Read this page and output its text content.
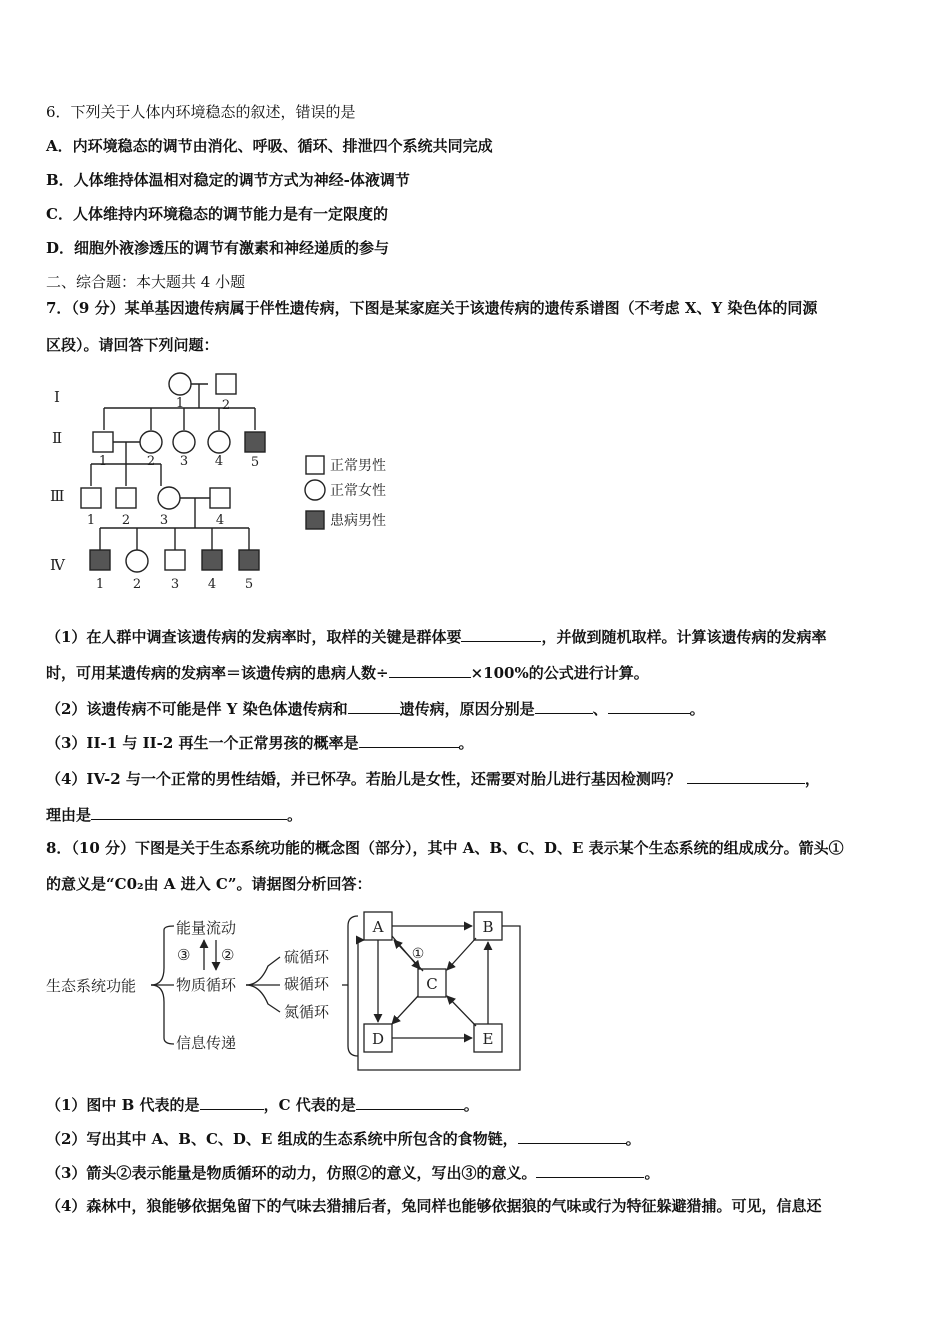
6．下列关于人体内环境稳态的叙述，错误的是
A．内环境稳态的调节由消化、呼吸、循环、排泄四个系统共同完成
B．人体维持体温相对稳定的调节方式为神经-体液调节
C．人体维持内环境稳态的调节能力是有一定限度的
D．细胞外液渗透压的调节有激素和神经递质的参与
二、综合题：本大题共 4 小题
7．（9 分）某单基因遗传病属于伴性遗传病，下图是某家庭关于该遗传病的遗传系谱图（不考虑 X、Y 染色体的同源
区段）。请回答下列问题：
Ⅰ
Ⅱ
Ⅲ
Ⅳ
1	2
1	2 3 4 5
1 2 3	4
1 2 3 4 5
正常男性
正常女性
患病男性
（1）在人群中调查该遗传病的发病率时，取样的关键是群体要	，并做到随机取样。计算该遗传病的发病率
时，可用某遗传病的发病率＝该遗传病的患病人数÷	×100%的公式进行计算。
（2）该遗传病不可能是伴 Y 染色体遗传病和	遗传病，原因分别是	、	。
（3）II-1 与 II-2 再生一个正常男孩的概率是	。
（4）IV-2 与一个正常的男性结婚，并已怀孕。若胎儿是女性，还需要对胎儿进行基因检测吗？	，
理由是	。
8．（10 分）下图是关于生态系统功能的概念图（部分），其中 A、B、C、D、E 表示某个生态系统的组成成分。箭头①
的意义是“C0₂由 A 进入 C”。请据图分析回答：
生态系统功能
能量流动
物质循环
信息传递
③ ②	硫循环
碳循环
氮循环
A	B
C
D	E
①
（1）图中 B 代表的是	，C 代表的是	。
（2）写出其中 A、B、C、D、E 组成的生态系统中所包含的食物链，	。
（3）箭头②表示能量是物质循环的动力，仿照②的意义，写出③的意义。	。
（4）森林中，狼能够依据兔留下的气味去猎捕后者，兔同样也能够依据狼的气味或行为特征躲避猎捕。可见，信息还
